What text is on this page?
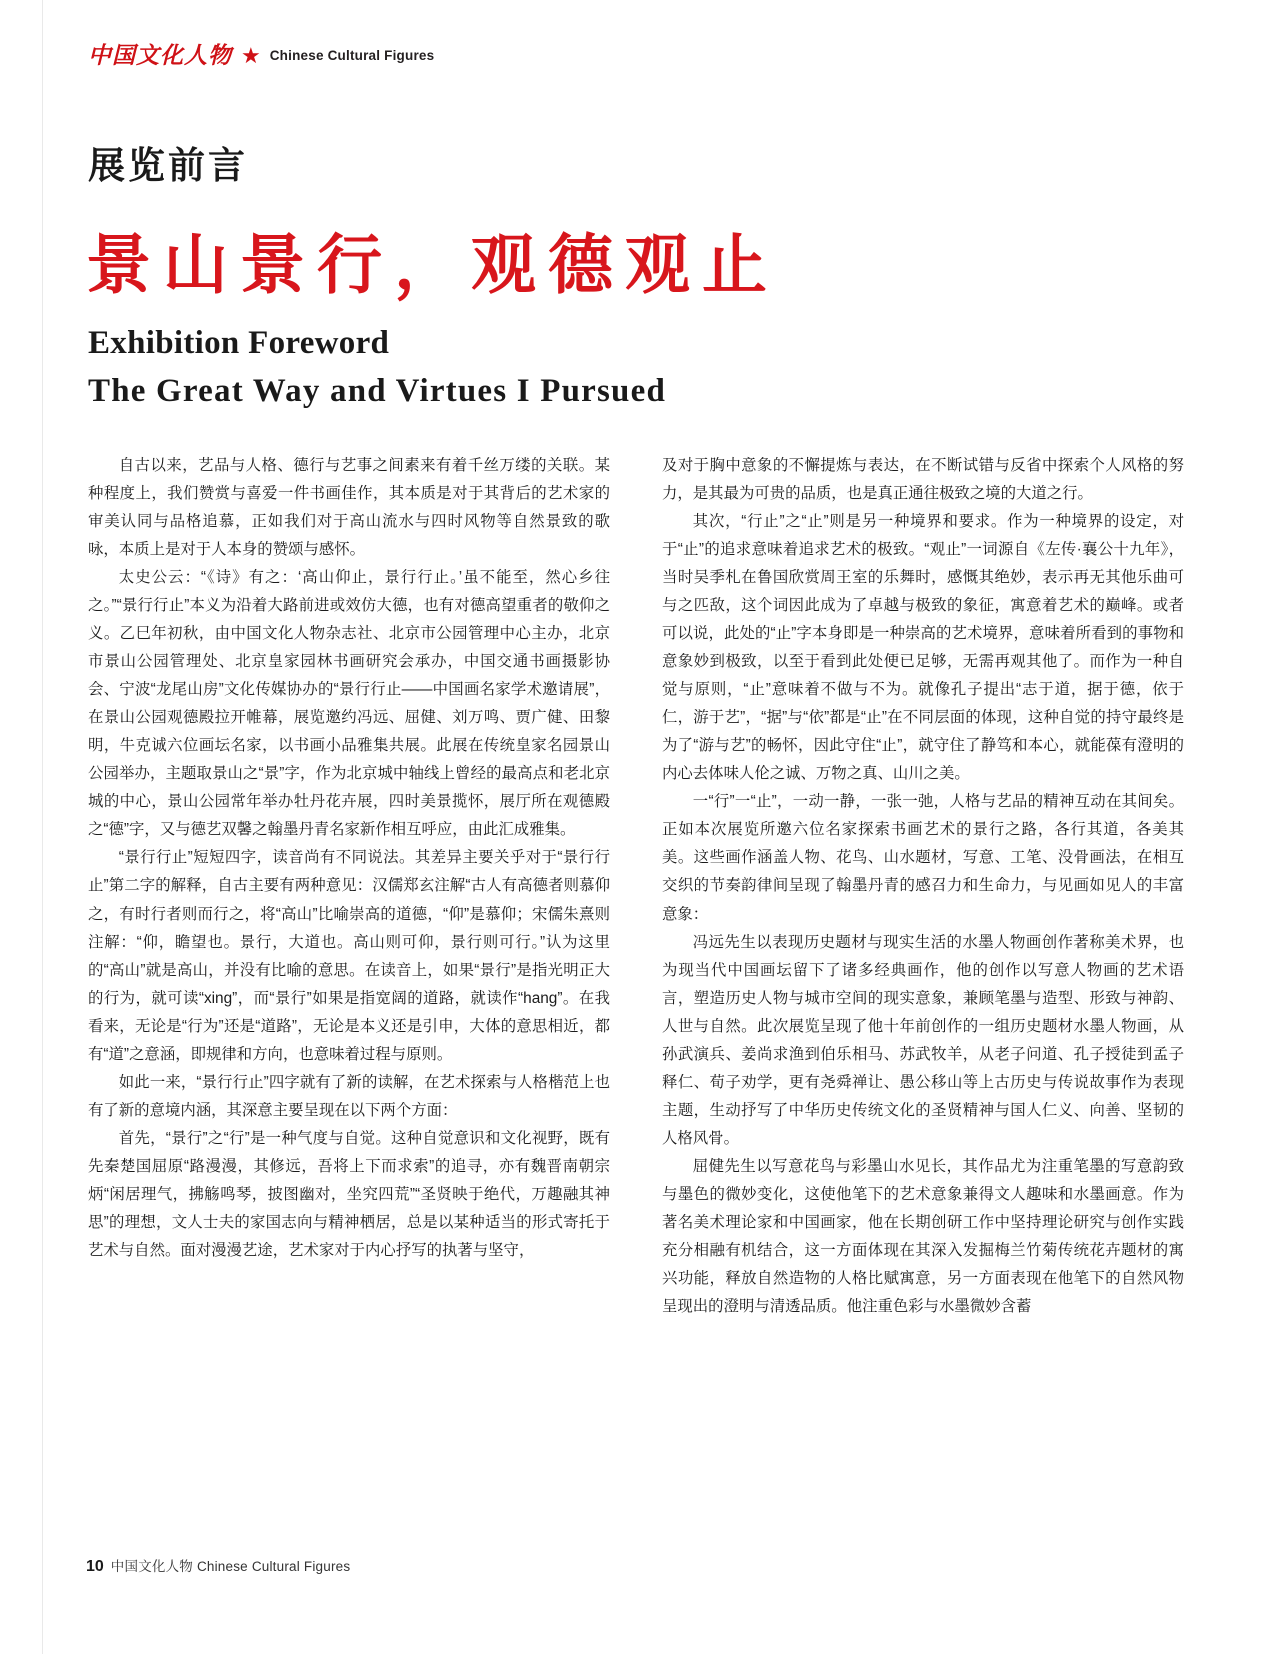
中国文化人物 ★ Chinese Cultural Figures
展览前言
景山景行，观德观止
Exhibition Foreword
The Great Way and Virtues I Pursued

自古以来，艺品与人格、德行与艺事之间素来有着千丝万缕的关联。某种程度上，我们赞赏与喜爱一件书画佳作，其本质是对于其背后的艺术家的审美认同与品格追慕，正如我们对于高山流水与四时风物等自然景致的歌咏，本质上是对于人本身的赞颂与感怀。

太史公云：“《诗》有之：‘高山仰止，景行行止。’虽不能至，然心乡往之。”“景行行止”本义为沿着大路前进或效仿大德，也有对德高望重者的敬仰之义。乙巳年初秋，由中国文化人物杂志社、北京市公园管理中心主办，北京市景山公园管理处、北京皇家园林书画研究会承办，中国交通书画摄影协会、宁波“龙尾山房”文化传媒协办的“景行行止——中国画名家学术邀请展”，在景山公园观德殿拉开帷幕，展览邀约冯远、屈健、刘万鸣、贾广健、田黎明，牛克诚六位画坛名家，以书画小品雅集共展。此展在传统皇家名园景山公园举办，主题取景山之“景”字，作为北京城中轴线上曾经的最高点和老北京城的中心，景山公园常年举办牡丹花卉展，四时美景揽怀，展厅所在观德殿之“德”字，又与德艺双馨之翰墨丹青名家新作相互呼应，由此汇成雅集。

“景行行止”短短四字，读音尚有不同说法。其差异主要关乎对于“景行行止”第二字的解释，自古主要有两种意见：汉儒郑玄注解“古人有高德者则慕仰之，有时行者则而行之，将“高山”比喻崇高的道德，“仰”是慕仰；宋儒朱熹则注解：“仰，瞻望也。景行，大道也。高山则可仰，景行则可行。”认为这里的“高山”就是高山，并没有比喻的意思。在读音上，如果“景行”是指光明正大的行为，就可读“xing”，而“景行”如果是指宽阔的道路，就读作“hang”。在我看来，无论是“行为”还是“道路”，无论是本义还是引申，大体的意思相近，都有“道”之意涵，即规律和方向，也意味着过程与原则。

如此一来，“景行行止”四字就有了新的读解，在艺术探索与人格楷范上也有了新的意境内涵，其深意主要呈现在以下两个方面：

首先，“景行”之“行”是一种气度与自觉。这种自觉意识和文化视野，既有先秦楚国屈原“路漫漫，其修远，吾将上下而求索”的追寻，亦有魏晋南朝宗炳“闲居理气，拂觞鸣琴，披图幽对，坐究四荒”“圣贤映于绝代，万趣融其神思”的理想，文人士夫的家国志向与精神栖居，总是以某种适当的形式寄托于艺术与自然。面对漫漫艺途，艺术家对于内心抒写的执著与坚守，

及对于胸中意象的不懈提炼与表达，在不断试错与反省中探索个人风格的努力，是其最为可贵的品质，也是真正通往极致之境的大道之行。

其次，“行止”之“止”则是另一种境界和要求。作为一种境界的设定，对于“止”的追求意味着追求艺术的极致。“观止”一词源自《左传·襄公十九年》，当时吴季札在鲁国欣赏周王室的乐舞时，感慨其绝妙，表示再无其他乐曲可与之匹敌，这个词因此成为了卓越与极致的象征，寓意着艺术的巅峰。或者可以说，此处的“止”字本身即是一种崇高的艺术境界，意味着所看到的事物和意象妙到极致，以至于看到此处便已足够，无需再观其他了。而作为一种自觉与原则，“止”意味着不做与不为。就像孔子提出“志于道，据于德，依于仁，游于艺”，“据”与“依”都是“止”在不同层面的体现，这种自觉的持守最终是为了“游与艺”的畅怀，因此守住“止”，就守住了静笃和本心，就能葆有澄明的内心去体味人伦之诚、万物之真、山川之美。

一“行”一“止”，一动一静，一张一弛，人格与艺品的精神互动在其间矣。正如本次展览所邀六位名家探索书画艺术的景行之路，各行其道，各美其美。这些画作涵盖人物、花鸟、山水题材，写意、工笔、没骨画法，在相互交织的节奏韵律间呈现了翰墨丹青的感召力和生命力，与见画如见人的丰富意象：

冯远先生以表现历史题材与现实生活的水墨人物画创作著称美术界，也为现当代中国画坛留下了诸多经典画作，他的创作以写意人物画的艺术语言，塑造历史人物与城市空间的现实意象，兼顾笔墨与造型、形致与神韵、人世与自然。此次展览呈现了他十年前创作的一组历史题材水墨人物画，从孙武演兵、姜尚求渔到伯乐相马、苏武牧羊，从老子问道、孔子授徒到孟子释仁、荀子劝学，更有尧舜禅让、愚公移山等上古历史与传说故事作为表现主题，生动抒写了中华历史传统文化的圣贤精神与国人仁义、向善、坚韧的人格风骨。

屈健先生以写意花鸟与彩墨山水见长，其作品尤为注重笔墨的写意韵致与墨色的微妙变化，这使他笔下的艺术意象兼得文人趣味和水墨画意。作为著名美术理论家和中国画家，他在长期创研工作中坚持理论研究与创作实践充分相融有机结合，这一方面体现在其深入发掘梅兰竹菊传统花卉题材的寓兴功能，释放自然造物的人格比赋寓意，另一方面表现在他笔下的自然风物呈现出的澄明与清透品质。他注重色彩与水墨微妙含蓄

10 中国文化人物 Chinese Cultural Figures
